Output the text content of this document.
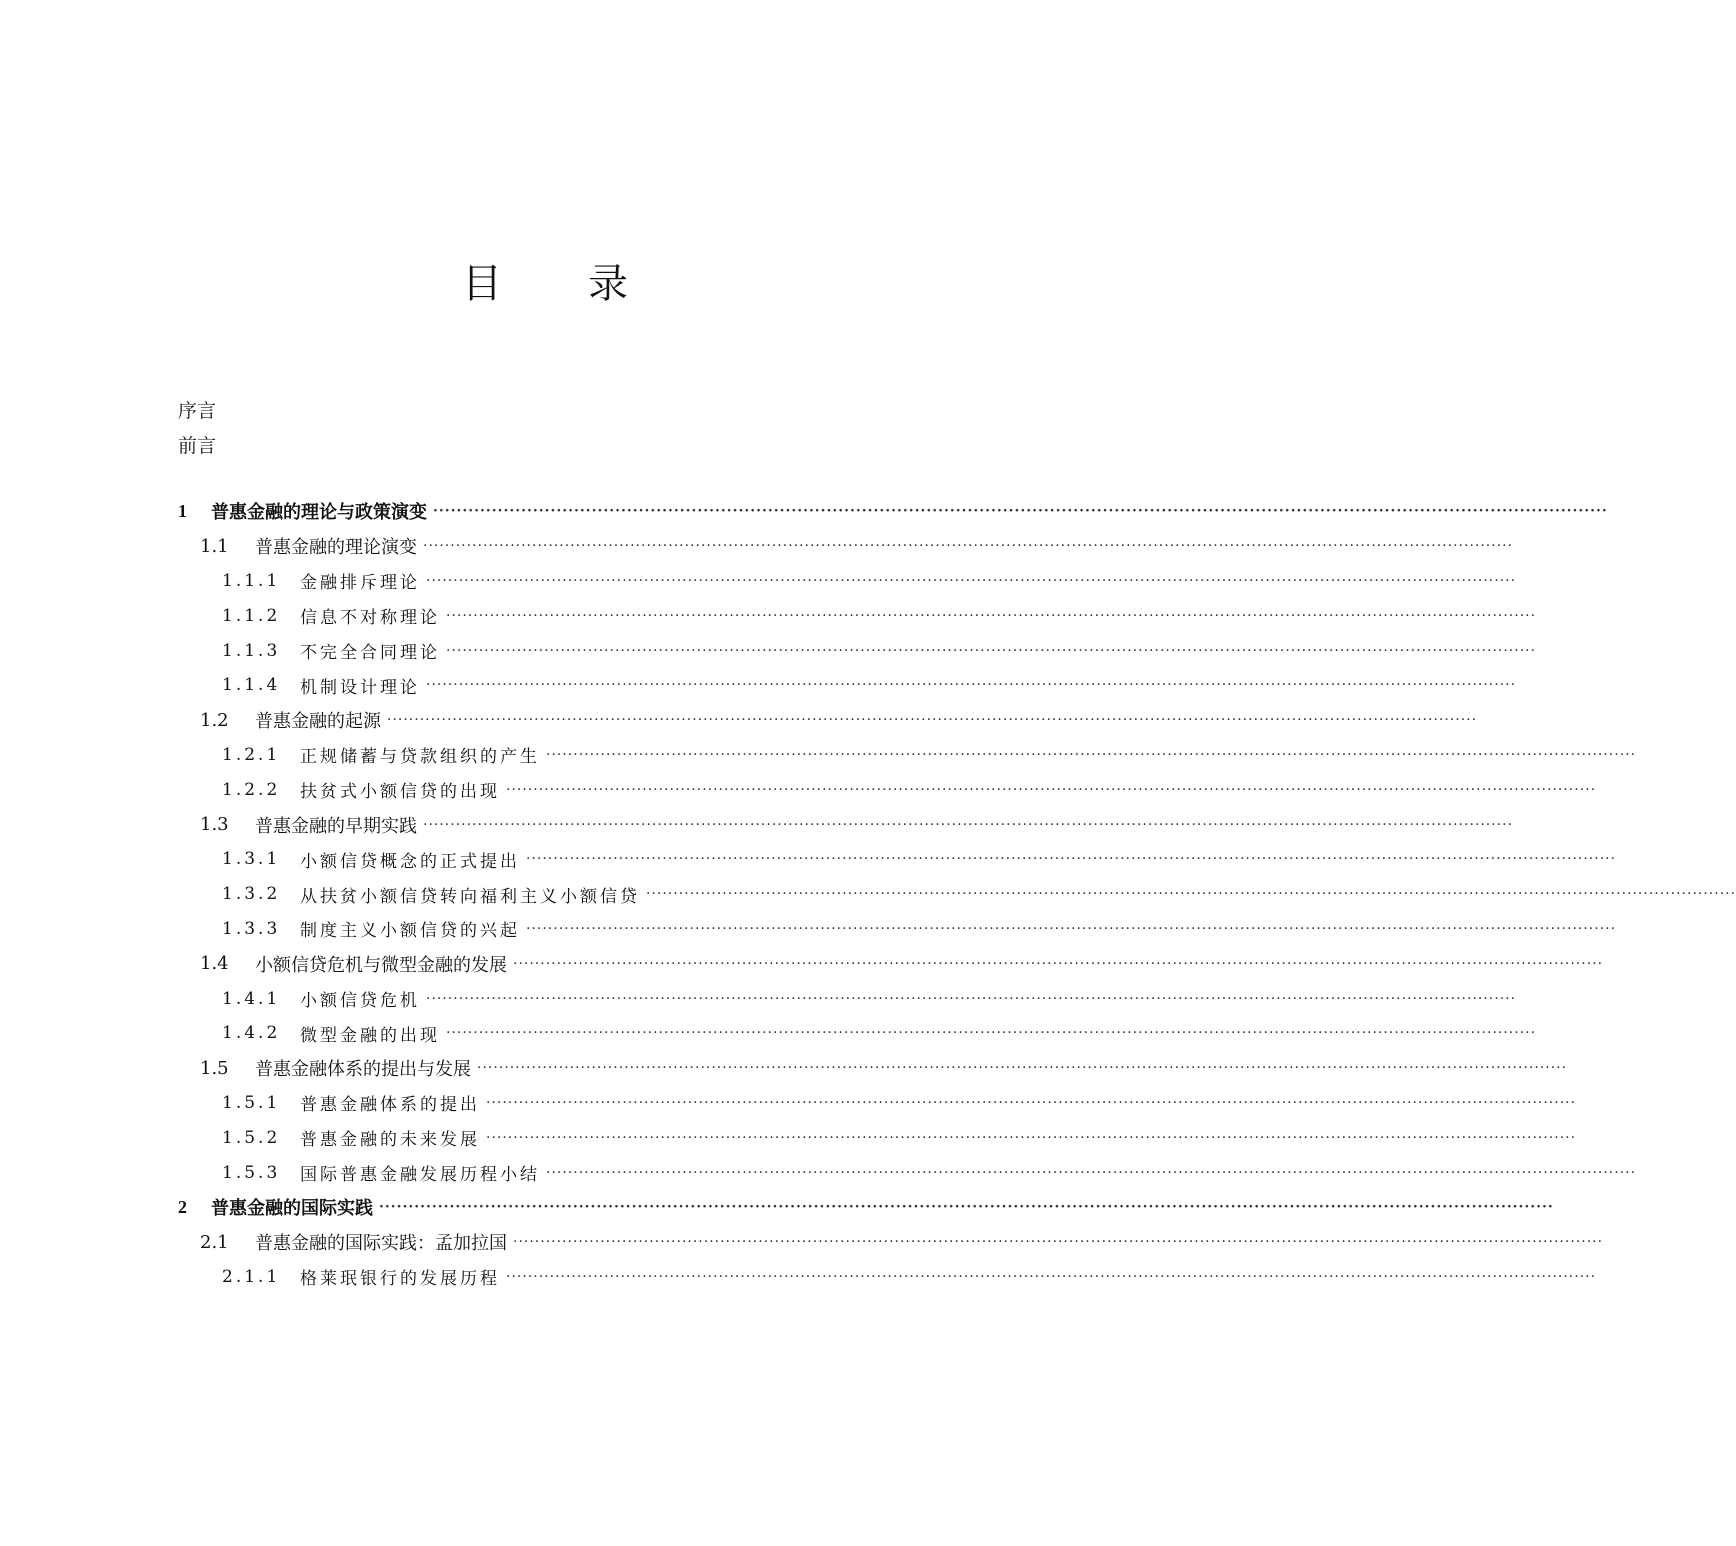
目 录
序言
前言
1	普惠金融的理论与政策演变 ········································································································································································································
1.1	普惠金融的理论演变 ········································································································································································································
1.1.1	金融排斥理论 ········································································································································································································
1.1.2	信息不对称理论 ········································································································································································································
1.1.3	不完全合同理论 ········································································································································································································
1.1.4	机制设计理论 ········································································································································································································
1.2	普惠金融的起源 ········································································································································································································
1.2.1	正规储蓄与贷款组织的产生 ········································································································································································································
1.2.2	扶贫式小额信贷的出现 ········································································································································································································
1.3	普惠金融的早期实践 ········································································································································································································
1.3.1	小额信贷概念的正式提出 ········································································································································································································
1.3.2	从扶贫小额信贷转向福利主义小额信贷 ········································································································································································································
1.3.3	制度主义小额信贷的兴起 ········································································································································································································
1.4	小额信贷危机与微型金融的发展 ········································································································································································································
1.4.1	小额信贷危机 ········································································································································································································
1.4.2	微型金融的出现 ········································································································································································································
1.5	普惠金融体系的提出与发展 ········································································································································································································
1.5.1	普惠金融体系的提出 ········································································································································································································
1.5.2	普惠金融的未来发展 ········································································································································································································
1.5.3	国际普惠金融发展历程小结 ········································································································································································································
2	普惠金融的国际实践 ········································································································································································································
2.1	普惠金融的国际实践：孟加拉国 ········································································································································································································
2.1.1	格莱珉银行的发展历程 ········································································································································································································
